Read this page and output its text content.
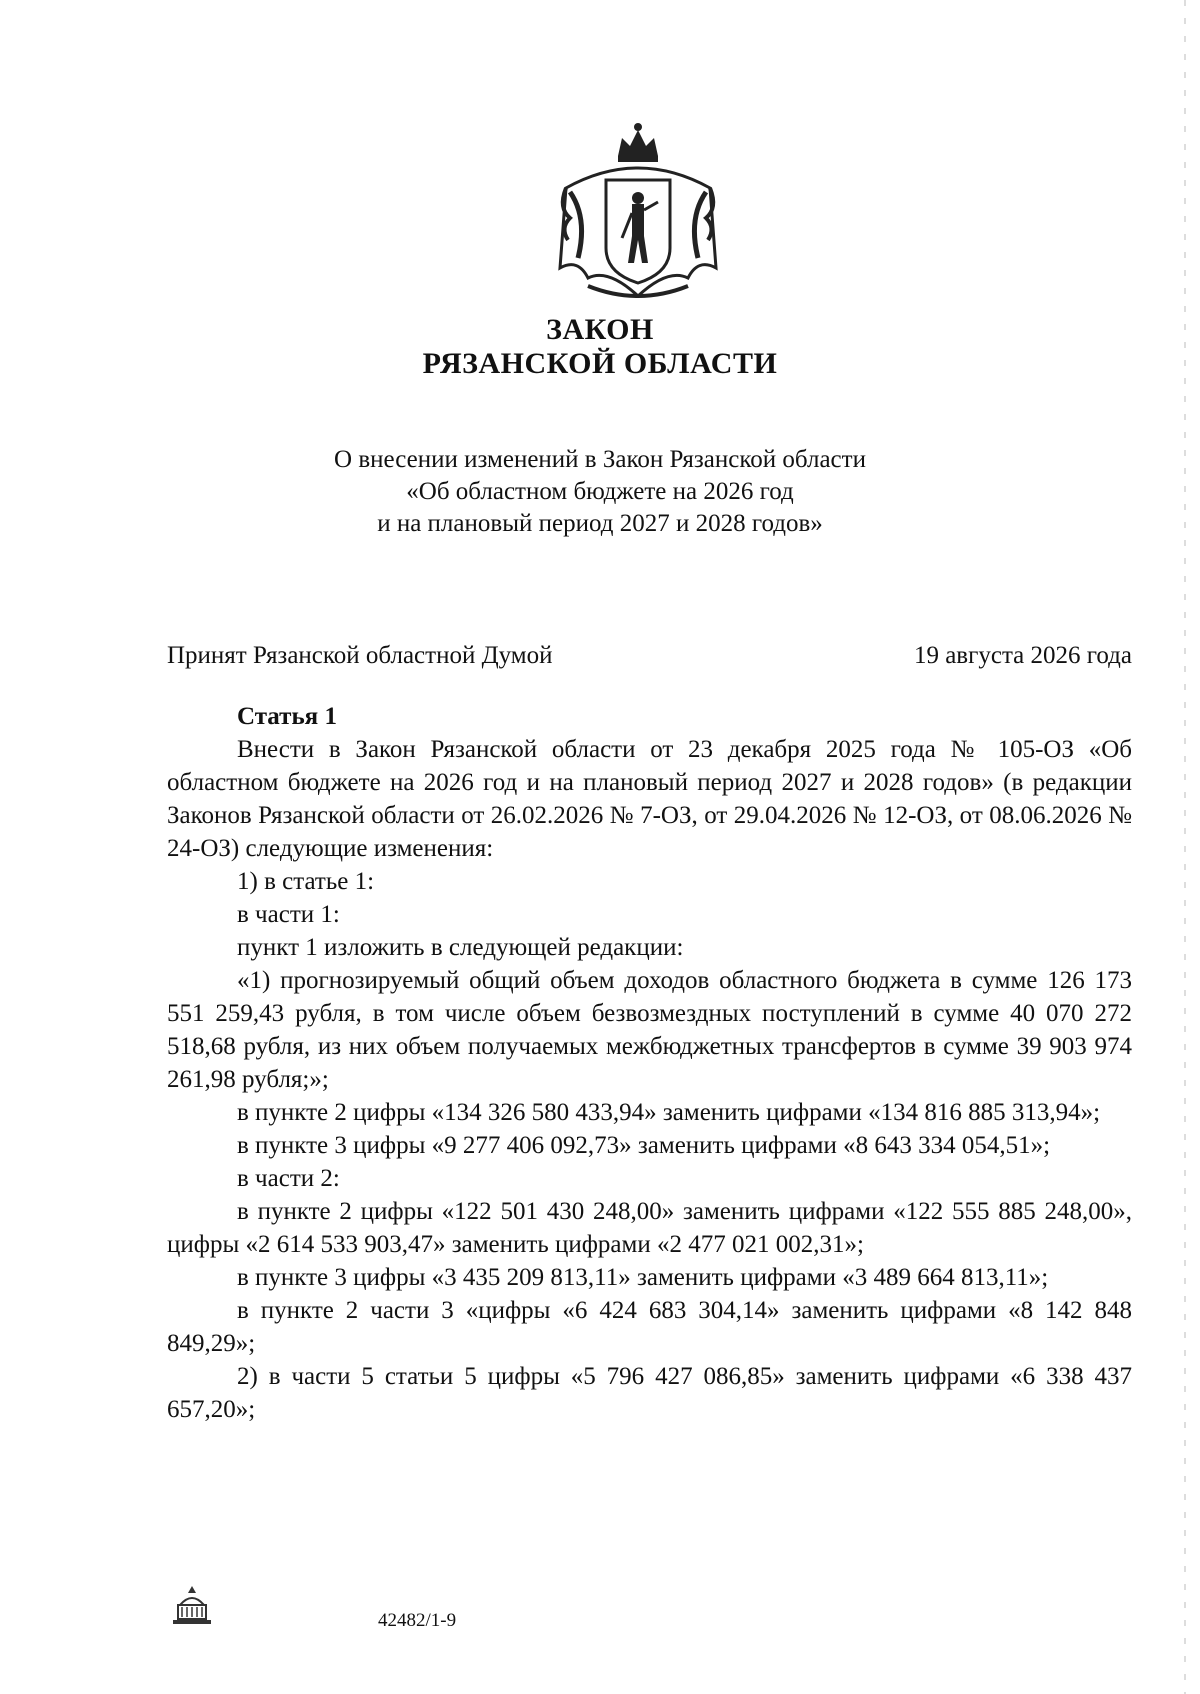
ЗАКОН
РЯЗАНСКОЙ ОБЛАСТИ
О внесении изменений в Закон Рязанской области
«Об областном бюджете на 2026 год
и на плановый период 2027 и 2028 годов»
Принят Рязанской областной Думой	19 августа 2026 года

Статья 1

Внести в Закон Рязанской области от 23 декабря 2025 года № 105-ОЗ «Об областном бюджете на 2026 год и на плановый период 2027 и 2028 годов» (в редакции Законов Рязанской области от 26.02.2026 № 7-ОЗ, от 29.04.2026 № 12-ОЗ, от 08.06.2026 № 24-ОЗ) следующие изменения:

1) в статье 1:

в части 1:

пункт 1 изложить в следующей редакции:

«1) прогнозируемый общий объем доходов областного бюджета в сумме 126 173 551 259,43 рубля, в том числе объем безвозмездных поступлений в сумме 40 070 272 518,68 рубля, из них объем получаемых межбюджетных трансфертов в сумме 39 903 974 261,98 рубля;»;

в пункте 2 цифры «134 326 580 433,94» заменить цифрами «134 816 885 313,94»;

в пункте 3 цифры «9 277 406 092,73» заменить цифрами «8 643 334 054,51»;

в части 2:

в пункте 2 цифры «122 501 430 248,00» заменить цифрами «122 555 885 248,00», цифры «2 614 533 903,47» заменить цифрами «2 477 021 002,31»;

в пункте 3 цифры «3 435 209 813,11» заменить цифрами «3 489 664 813,11»;

в пункте 2 части 3 «цифры «6 424 683 304,14» заменить цифрами «8 142 848 849,29»;

2) в части 5 статьи 5 цифры «5 796 427 086,85» заменить цифрами «6 338 437 657,20»;

42482/1-9
